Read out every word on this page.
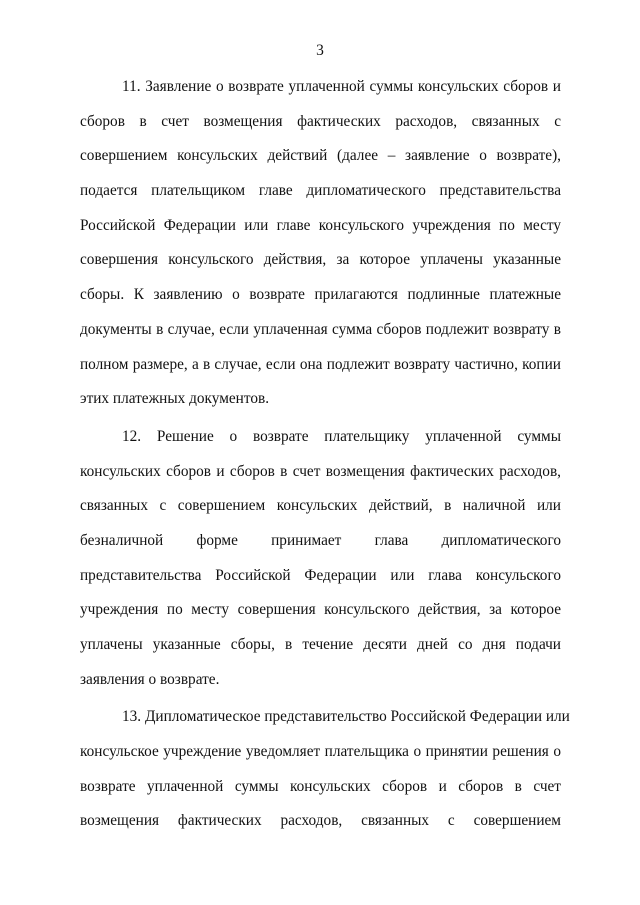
3
11. Заявление о возврате уплаченной суммы консульских сборов и
сборов в счет возмещения фактических расходов, связанных с
совершением консульских действий (далее – заявление о возврате),
подается плательщиком главе дипломатического представительства
Российской Федерации или главе консульского учреждения по месту
совершения консульского действия, за которое уплачены указанные
сборы. К заявлению о возврате прилагаются подлинные платежные
документы в случае, если уплаченная сумма сборов подлежит возврату в
полном размере, а в случае, если она подлежит возврату частично, копии
этих платежных документов.
12. Решение о возврате плательщику уплаченной суммы
консульских сборов и сборов в счет возмещения фактических расходов,
связанных с совершением консульских действий, в наличной или
безналичной форме принимает глава дипломатического
представительства Российской Федерации или глава консульского
учреждения по месту совершения консульского действия, за которое
уплачены указанные сборы, в течение десяти дней со дня подачи
заявления о возврате.
13. Дипломатическое представительство Российской Федерации или
консульское учреждение уведомляет плательщика о принятии решения о
возврате уплаченной суммы консульских сборов и сборов в счет
возмещения фактических расходов, связанных с совершением
